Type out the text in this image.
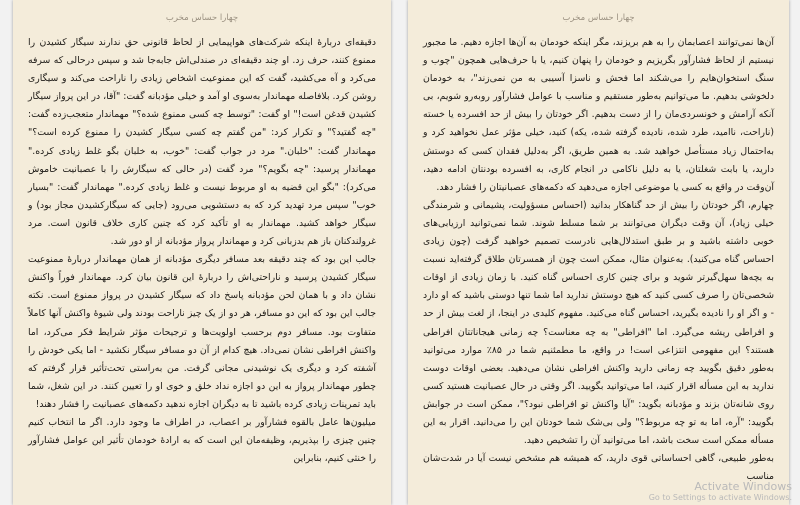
چهارا حساس مخرب

دقیقه‌ای دربارهٔ اینکه شرکت‌های هواپیمایی از لحاظ قانونی حق ندارند سیگار کشیدن را ممنوع کنند، حرف زد. او چند دقیقه‌ای در صندلی‌اش جابه‌جا شد و سپس درحالی که سرفه می‌کرد و آه می‌کشید، گفت که این ممنوعیت اشخاص زیادی را ناراحت می‌کند و سیگاری روشن کرد. بلافاصله مهماندار به‌سوی او آمد و خیلی مؤدبانه گفت: "آقا، در این پرواز سیگار کشیدن قدغن است!" او گفت: "توسط چه کسی ممنوع شده؟" مهماندار متعجب‌زده گفت: "چه گفتید؟" و تکرار کرد: "من گفتم چه کسی سیگار کشیدن را ممنوع کرده است؟" مهماندار گفت: "خلبان." مرد در جواب گفت: "خوب، به خلبان بگو غلط زیادی کرده." مهماندار پرسید: "چه بگویم؟" مرد گفت (در حالی که سیگارش را با عصبانیت خاموش می‌کرد): "بگو این قضیه به او مربوط نیست و غلط زیادی کرده." مهماندار گفت: "بسیار خوب" سپس مرد تهدید کرد که به دستشویی می‌رود (جایی که سیگارکشیدن مجاز بود) و سیگار خواهد کشید. مهماندار به او تأکید کرد که چنین کاری خلاف قانون است. مرد غرولندکنان باز هم بدزبانی کرد و مهماندار پرواز مؤدبانه از او دور شد.

جالب این بود که چند دقیقه بعد مسافر دیگری مؤدبانه از همان مهماندار دربارهٔ ممنوعیت سیگار کشیدن پرسید و ناراحتی‌اش را دربارهٔ این قانون بیان کرد. مهماندار فوراً واکنش نشان داد و با همان لحن مؤدبانه پاسخ داد که سیگار کشیدن در پرواز ممنوع است. نکته جالب این بود که این دو مسافر، هر دو از یک چیز ناراحت بودند ولی شیوهٔ واکنش آنها کاملاً متفاوت بود. مسافر دوم برحسب اولویت‌ها و ترجیحات مؤثر شرایط فکر می‌کرد، اما واکنش افراطی نشان نمی‌داد. هیچ کدام از آن دو مسافر سیگار نکشید - اما یکی خودش را آشفته کرد و دیگری یک نوشیدنی مجانی گرفت. من به‌راستی تحت‌تأثیر قرار گرفتم که چطور مهماندار پرواز به این دو اجازه نداد خلق و خوی او را تعیین کنند. در این شغل، شما باید تمرینات زیادی کرده باشید تا به دیگران اجازه ندهید دکمه‌های عصبانیت را فشار دهند!

میلیون‌ها عامل بالقوه فشارآور بر اعصاب، در اطراف ما وجود دارد. اگر ما انتخاب کنیم چنین چیزی را بپذیریم، وظیفه‌مان این است که به ارادهٔ خودمان تأثیر این عوامل فشارآور را خنثی کنیم، بنابراین

چهارا حساس مخرب

آن‌ها نمی‌توانند اعصابمان را به هم بریزند، مگر اینکه خودمان به آن‌ها اجازه دهیم. ما مجبور نیستیم از لحاظ فشارآور بگریزیم و خودمان را پنهان کنیم، یا با حرف‌هایی همچون "چوب و سنگ استخوان‌هایم را می‌شکند اما فحش و ناسزا آسیبی به من نمی‌زند"، به خودمان دلخوشی بدهیم. ما می‌توانیم به‌طور مستقیم و مناسب با عوامل فشارآور روبه‌رو شویم، بی آنکه آرامش و خونسردی‌مان را از دست بدهیم. اگر خودتان را بیش از حد افسرده یا خسته (ناراحت، ناامید، طرد شده، نادیده گرفته شده، یکه) کنید، خیلی مؤثر عمل نخواهید کرد و به‌احتمال زیاد مستأصل خواهید شد. به همین طریق، اگر به‌دلیل فقدان کسی که دوستش دارید، یا بابت شغلتان، یا به دلیل ناکامی در انجام کاری، به افسرده بودنتان ادامه دهید، آن‌وقت در واقع به کسی یا موضوعی اجازه می‌دهید که دکمه‌های عصبانیتان را فشار دهد.

چهارم، اگر خودتان را بیش از حد گناهکار بدانید (احساس مسؤولیت، پشیمانی و شرمندگی خیلی زیاد)، آن وقت دیگران می‌توانند بر شما مسلط شوند. شما نمی‌توانید ارزیابی‌های خوبی داشته باشید و بر طبق استدلال‌هایی نادرست تصمیم خواهید گرفت (چون زیادی احساس گناه می‌کنید). به‌عنوان مثال، ممکن است چون از همسرتان طلاق گرفته‌اید نسبت به بچه‌ها سهل‌گیرتر شوید و برای چنین کاری احساس گناه کنید. با زمان زیادی از اوقات شخصی‌تان را صرف کسی کنید که هیچ دوستش ندارید اما شما تنها دوستی باشید که او دارد - و اگر او را نادیده بگیرید، احساس گناه می‌کنید. مفهوم کلیدی در اینجا، از لغت بیش از حد و افراطی ریشه می‌گیرد. اما "افراطی" به چه معناست؟ چه زمانی هیجاناتتان افراطی هستند؟ این مفهومی انتزاعی است! در واقع، ما مطمئنیم شما در ۸۵٪ موارد می‌توانید به‌طور دقیق بگویید چه زمانی دارید واکنش افراطی نشان می‌دهید. بعضی اوقات دوست ندارید به این مسأله اقرار کنید، اما می‌توانید بگویید. اگر وقتی در حال عصبانیت هستید کسی روی شانه‌تان بزند و مؤدبانه بگوید: "آیا واکنش تو افراطی نبود؟"، ممکن است در جوابش بگویید: "آره، اما به تو چه مربوط؟" ولی بی‌شک شما خودتان این را می‌دانید. اقرار به این مسأله ممکن است سخت باشد، اما می‌توانید آن را تشخیص دهید.

به‌طور طبیعی، گاهی احساساتی قوی دارید، که همیشه هم مشخص نیست آیا در شدت‌شان مناسب

Activate Windows
Go to Settings to activate Windows.
